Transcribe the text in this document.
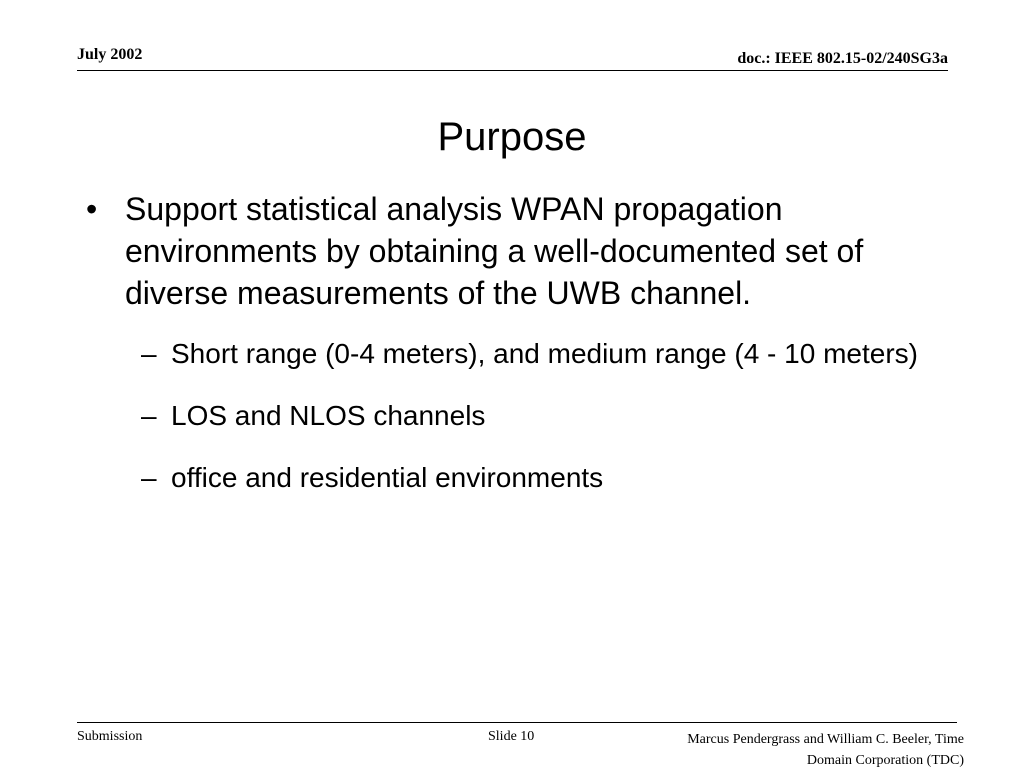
July 2002	doc.: IEEE 802.15-02/240SG3a
Purpose
• Support statistical analysis WPAN propagation environments by obtaining a well-documented set of diverse measurements of the UWB channel.
– Short range (0-4 meters), and medium range (4 - 10 meters)
– LOS and NLOS channels
– office and residential environments
Submission	Slide 10	Marcus Pendergrass and William C. Beeler, Time
Domain Corporation (TDC)
